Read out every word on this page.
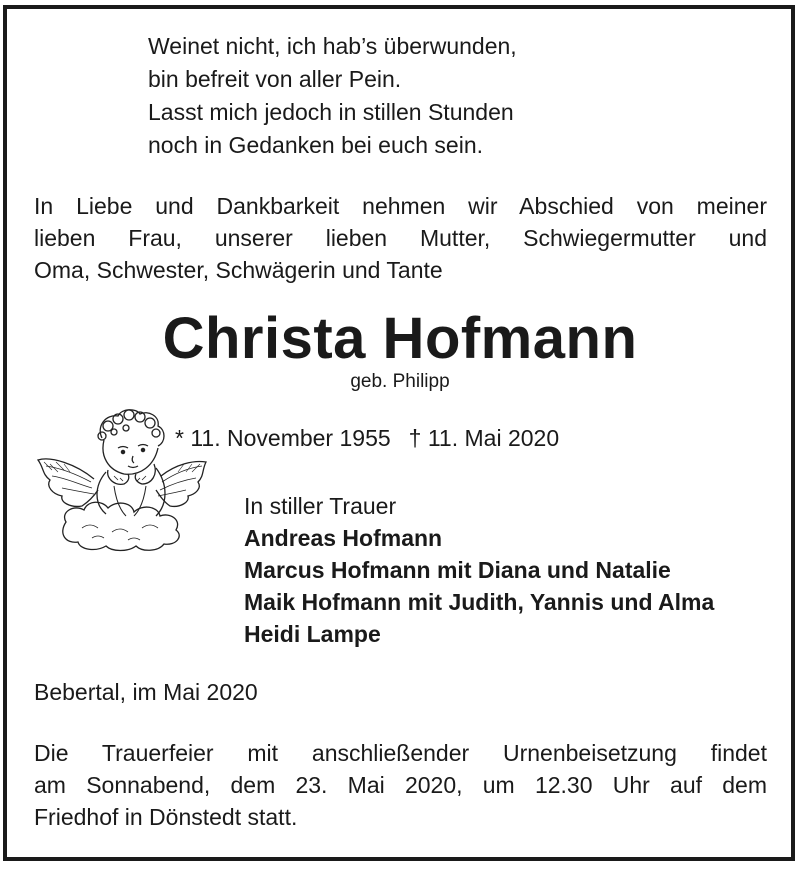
Weinet nicht, ich hab’s überwunden,
bin befreit von aller Pein.
Lasst mich jedoch in stillen Stunden
noch in Gedanken bei euch sein.
In Liebe und Dankbarkeit nehmen wir Abschied von meiner
lieben Frau, unserer lieben Mutter, Schwiegermutter und
Oma, Schwester, Schwägerin und Tante
Christa Hofmann
geb. Philipp
* 11. November 1955 † 11. Mai 2020
In stiller Trauer
Andreas Hofmann
Marcus Hofmann mit Diana und Natalie
Maik Hofmann mit Judith, Yannis und Alma
Heidi Lampe
Bebertal, im Mai 2020
Die Trauerfeier mit anschließender Urnenbeisetzung findet
am Sonnabend, dem 23. Mai 2020, um 12.30 Uhr auf dem
Friedhof in Dönstedt statt.
